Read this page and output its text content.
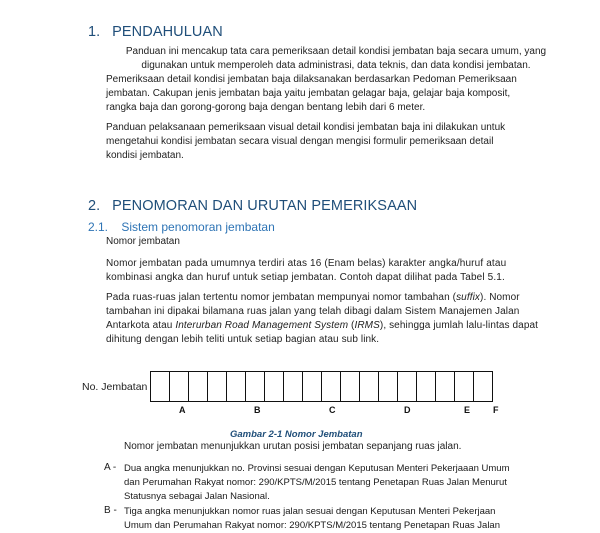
1. PENDAHULUAN
Panduan ini mencakup tata cara pemeriksaan detail kondisi jembatan baja secara umum, yang
digunakan untuk memperoleh data administrasi, data teknis, dan data kondisi jembatan.
Pemeriksaan detail kondisi jembatan baja dilaksanakan berdasarkan Pedoman Pemeriksaan
jembatan. Cakupan jenis jembatan baja yaitu jembatan gelagar baja, gelajar baja komposit,
rangka baja dan gorong-gorong baja dengan bentang lebih dari 6 meter.
Panduan pelaksanaan pemeriksaan visual detail kondisi jembatan baja ini dilakukan untuk
mengetahui kondisi jembatan secara visual dengan mengisi formulir pemeriksaan detail
kondisi jembatan.
2. PENOMORAN DAN URUTAN PEMERIKSAAN
2.1. Sistem penomoran jembatan
Nomor jembatan
Nomor jembatan pada umumnya terdiri atas 16 (Enam belas) karakter angka/huruf atau
kombinasi angka dan huruf untuk setiap jembatan. Contoh dapat dilihat pada Tabel 5.1.
Pada ruas-ruas jalan tertentu nomor jembatan mempunyai nomor tambahan (suffix). Nomor
tambahan ini dipakai bilamana ruas jalan yang telah dibagi dalam Sistem Manajemen Jalan
Antarkota atau Interurban Road Management System (IRMS), sehingga jumlah lalu-lintas dapat
dihitung dengan lebih teliti untuk setiap bagian atau sub link.
No. Jembatan
A	B	C	D	E	F
Gambar 2-1 Nomor Jembatan
Nomor jembatan menunjukkan urutan posisi jembatan sepanjang ruas jalan.
A - Dua angka menunjukkan no. Provinsi sesuai dengan Keputusan Menteri Pekerjaaan Umum
dan Perumahan Rakyat nomor: 290/KPTS/M/2015 tentang Penetapan Ruas Jalan Menurut
Statusnya sebagai Jalan Nasional.
B - Tiga angka menunjukkan nomor ruas jalan sesuai dengan Keputusan Menteri Pekerjaan
Umum dan Perumahan Rakyat nomor: 290/KPTS/M/2015 tentang Penetapan Ruas Jalan
